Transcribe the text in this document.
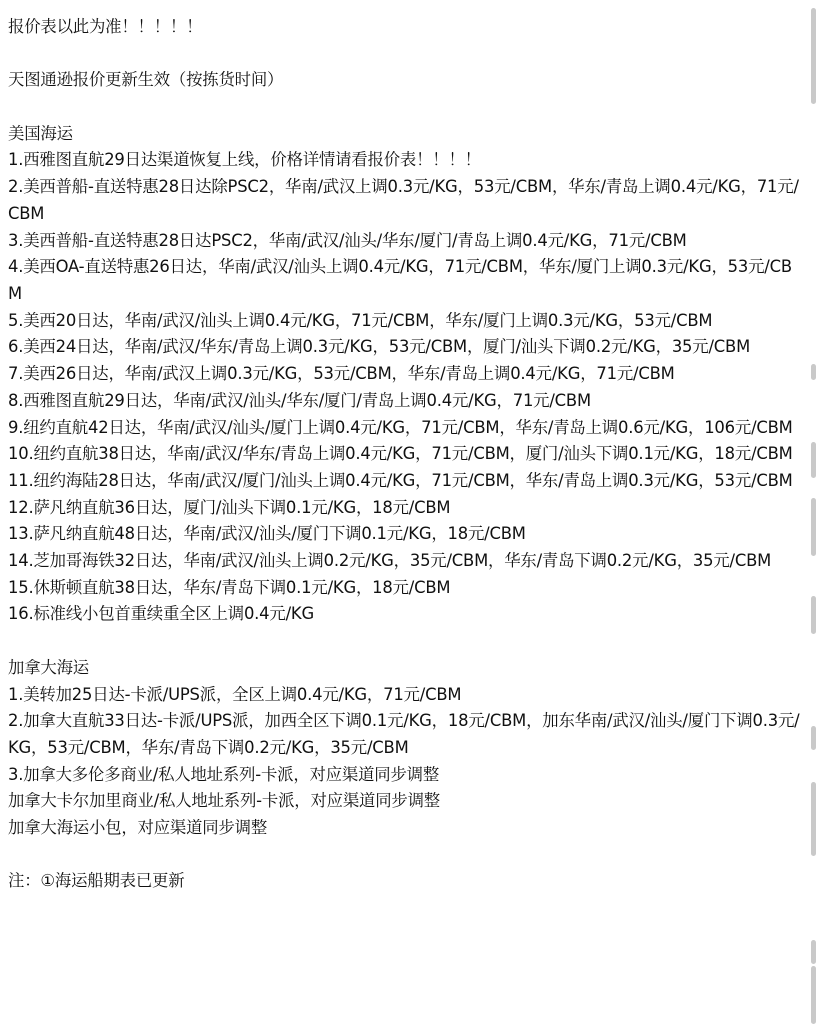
报价表以此为准！！！！！
天图通逊报价更新生效（按拣货时间）
美国海运
1.西雅图直航29日达渠道恢复上线，价格详情请看报价表！！！！
2.美西普船-直送特惠28日达除PSC2，华南/武汉上调0.3元/KG，53元/CBM，华东/青岛上调0.4元/KG，71元/CBM
3.美西普船-直送特惠28日达PSC2，华南/武汉/汕头/华东/厦门/青岛上调0.4元/KG，71元/CBM
4.美西OA-直送特惠26日达，华南/武汉/汕头上调0.4元/KG，71元/CBM，华东/厦门上调0.3元/KG，53元/CBM
5.美西20日达，华南/武汉/汕头上调0.4元/KG，71元/CBM，华东/厦门上调0.3元/KG，53元/CBM
6.美西24日达，华南/武汉/华东/青岛上调0.3元/KG，53元/CBM，厦门/汕头下调0.2元/KG，35元/CBM
7.美西26日达，华南/武汉上调0.3元/KG，53元/CBM，华东/青岛上调0.4元/KG，71元/CBM
8.西雅图直航29日达，华南/武汉/汕头/华东/厦门/青岛上调0.4元/KG，71元/CBM
9.纽约直航42日达，华南/武汉/汕头/厦门上调0.4元/KG，71元/CBM，华东/青岛上调0.6元/KG，106元/CBM
10.纽约直航38日达，华南/武汉/华东/青岛上调0.4元/KG，71元/CBM，厦门/汕头下调0.1元/KG，18元/CBM
11.纽约海陆28日达，华南/武汉/厦门/汕头上调0.4元/KG，71元/CBM，华东/青岛上调0.3元/KG，53元/CBM
12.萨凡纳直航36日达，厦门/汕头下调0.1元/KG，18元/CBM
13.萨凡纳直航48日达，华南/武汉/汕头/厦门下调0.1元/KG，18元/CBM
14.芝加哥海铁32日达，华南/武汉/汕头上调0.2元/KG，35元/CBM，华东/青岛下调0.2元/KG，35元/CBM
15.休斯顿直航38日达，华东/青岛下调0.1元/KG，18元/CBM
16.标准线小包首重续重全区上调0.4元/KG
加拿大海运
1.美转加25日达-卡派/UPS派，全区上调0.4元/KG，71元/CBM
2.加拿大直航33日达-卡派/UPS派，加西全区下调0.1元/KG，18元/CBM，加东华南/武汉/汕头/厦门下调0.3元/KG，53元/CBM，华东/青岛下调0.2元/KG，35元/CBM
3.加拿大多伦多商业/私人地址系列-卡派，对应渠道同步调整
加拿大卡尔加里商业/私人地址系列-卡派，对应渠道同步调整
加拿大海运小包，对应渠道同步调整
注：①海运船期表已更新
